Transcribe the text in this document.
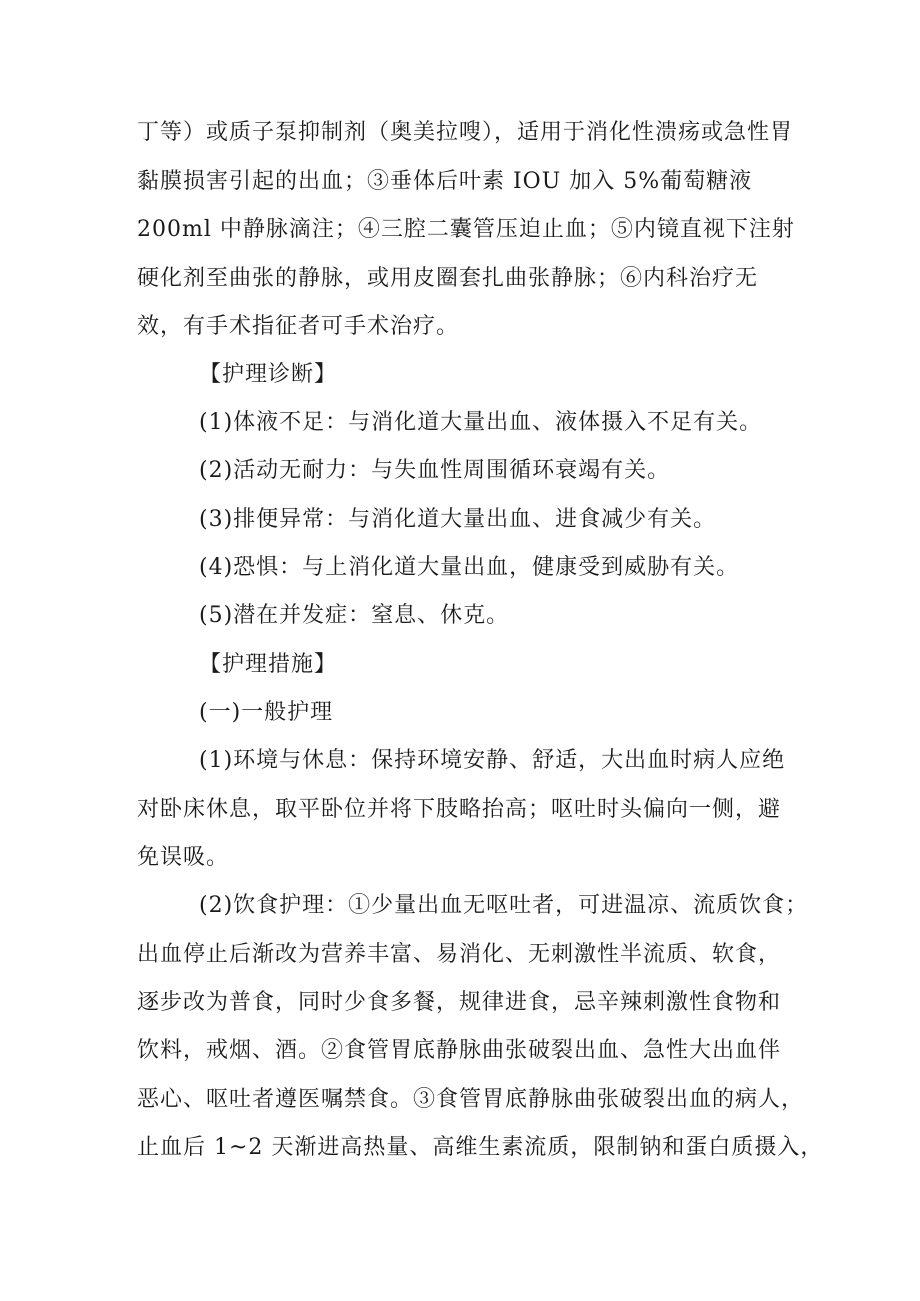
丁等）或质子泵抑制剂（奥美拉嗖），适用于消化性溃疡或急性胃
黏膜损害引起的出血；③垂体后叶素 IOU 加入 5%葡萄糖液
200ml 中静脉滴注；④三腔二囊管压迫止血；⑤内镜直视下注射
硬化剂至曲张的静脉，或用皮圈套扎曲张静脉；⑥内科治疗无
效，有手术指征者可手术治疗。
【护理诊断】
(1)体液不足：与消化道大量出血、液体摄入不足有关。
(2)活动无耐力：与失血性周围循环衰竭有关。
(3)排便异常：与消化道大量出血、进食减少有关。
(4)恐惧：与上消化道大量出血，健康受到威胁有关。
(5)潜在并发症：窒息、休克。
【护理措施】
(一)一般护理
(1)环境与休息：保持环境安静、舒适，大出血时病人应绝
对卧床休息，取平卧位并将下肢略抬高；呕吐时头偏向一侧，避
免误吸。
(2)饮食护理：①少量出血无呕吐者，可进温凉、流质饮食；
出血停止后渐改为营养丰富、易消化、无刺激性半流质、软食，
逐步改为普食，同时少食多餐，规律进食，忌辛辣刺激性食物和
饮料，戒烟、酒。②食管胃底静脉曲张破裂出血、急性大出血伴
恶心、呕吐者遵医嘱禁食。③食管胃底静脉曲张破裂出血的病人，
止血后 1~2 天渐进高热量、高维生素流质，限制钠和蛋白质摄入，
